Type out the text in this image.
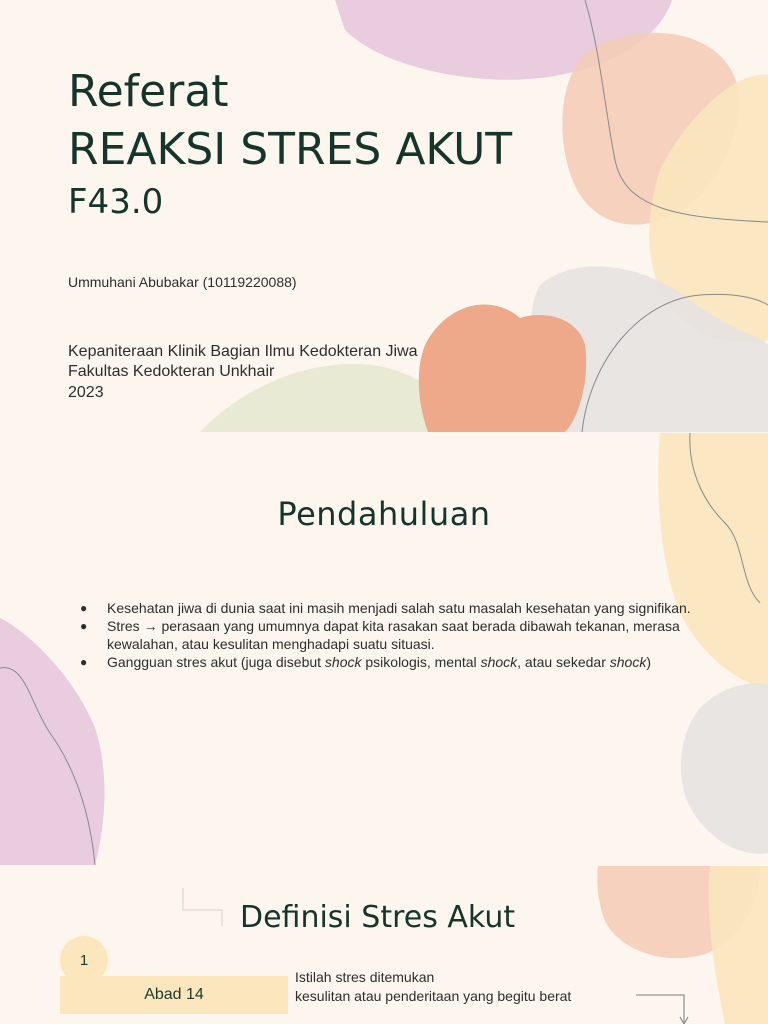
Referat
REAKSI STRES AKUT
F43.0

Ummuhani Abubakar (10119220088)

Kepaniteraan Klinik Bagian Ilmu Kedokteran Jiwa

Fakultas Kedokteran Unkhair

2023

Pendahuluan
● Kesehatan jiwa di dunia saat ini masih menjadi salah satu masalah kesehatan yang signifikan.
● Stres → perasaan yang umumnya dapat kita rasakan saat berada dibawah tekanan, merasa kewalahan, atau kesulitan menghadapi suatu situasi.
● Gangguan stres akut (juga disebut shock psikologis, mental shock, atau sekedar shock)
Definisi Stres Akut
1
Abad 14

Istilah stres ditemukan

kesulitan atau penderitaan yang begitu berat
